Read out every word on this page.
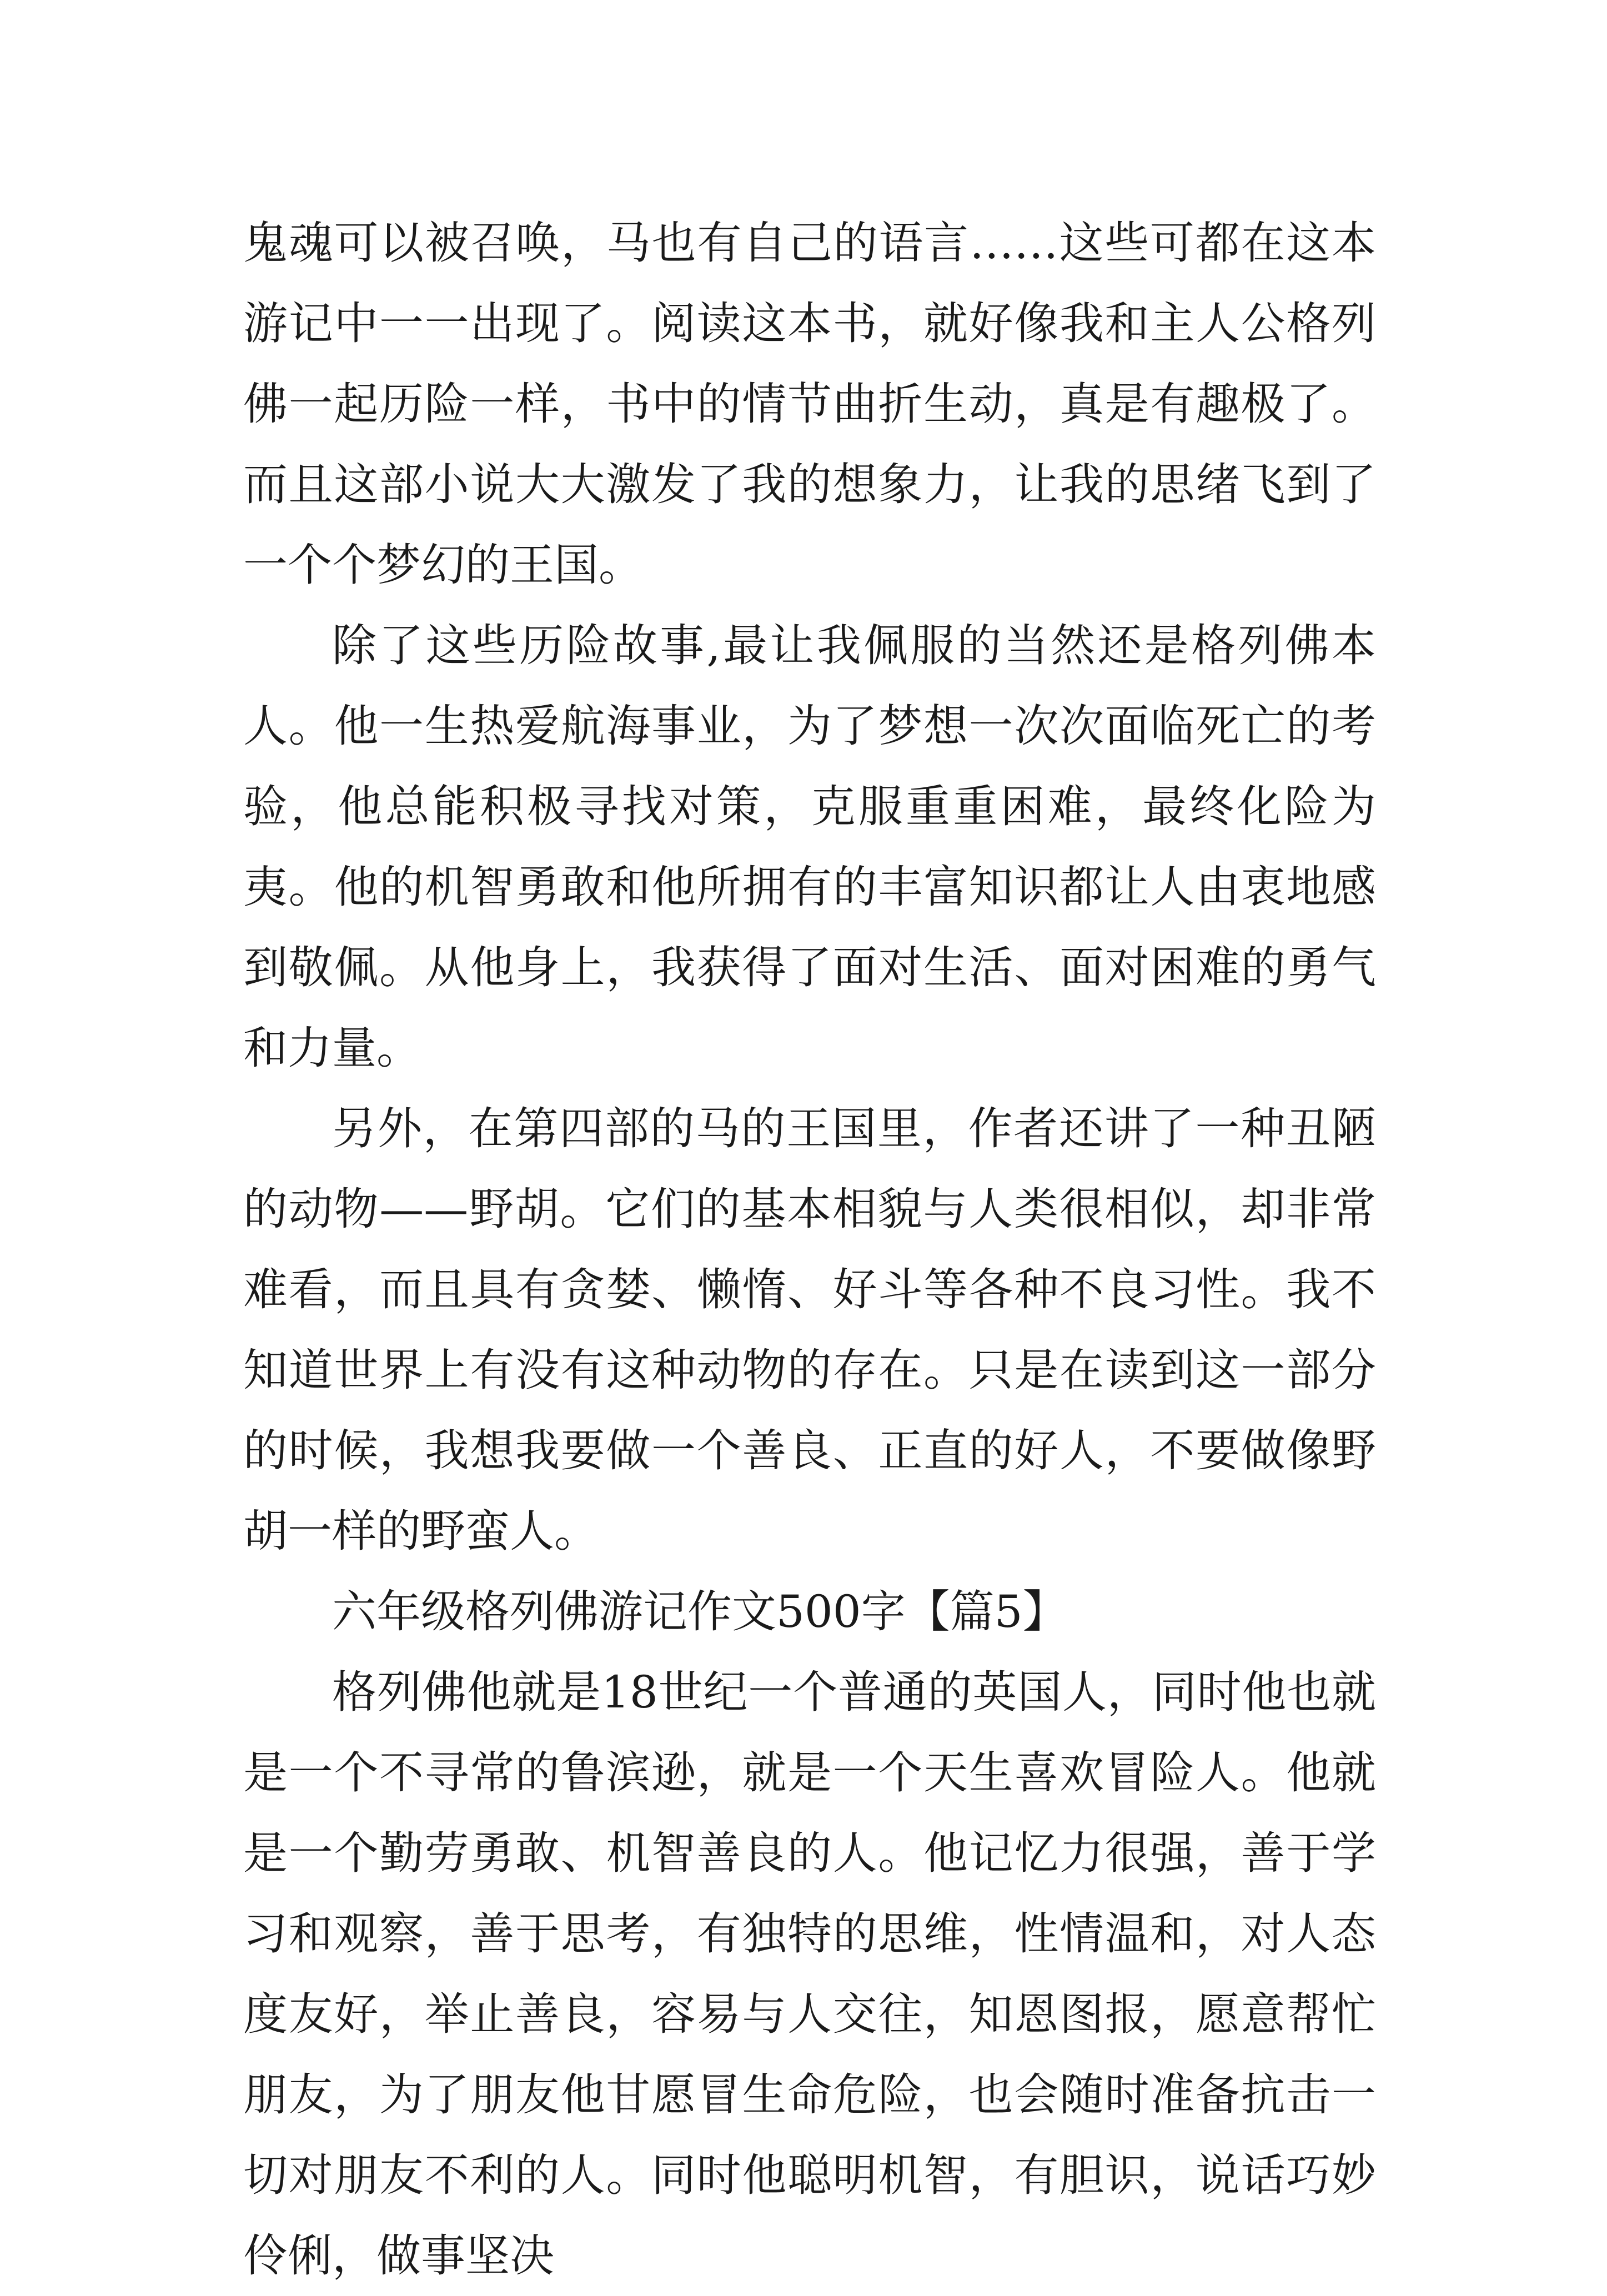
鬼魂可以被召唤，马也有自己的语言……这些可都在这本游记中一一出现了。阅读这本书，就好像我和主人公格列佛一起历险一样，书中的情节曲折生动，真是有趣极了。而且这部小说大大激发了我的想象力，让我的思绪飞到了一个个梦幻的王国。

除了这些历险故事,最让我佩服的当然还是格列佛本人。他一生热爱航海事业，为了梦想一次次面临死亡的考验，他总能积极寻找对策，克服重重困难，最终化险为夷。他的机智勇敢和他所拥有的丰富知识都让人由衷地感到敬佩。从他身上，我获得了面对生活、面对困难的勇气和力量。

另外，在第四部的马的王国里，作者还讲了一种丑陋的动物——野胡。它们的基本相貌与人类很相似，却非常难看，而且具有贪婪、懒惰、好斗等各种不良习性。我不知道世界上有没有这种动物的存在。只是在读到这一部分的时候，我想我要做一个善良、正直的好人，不要做像野胡一样的野蛮人。

六年级格列佛游记作文500字【篇5】

格列佛他就是18世纪一个普通的英国人，同时他也就是一个不寻常的鲁滨逊，就是一个天生喜欢冒险人。他就是一个勤劳勇敢、机智善良的人。他记忆力很强，善于学习和观察，善于思考，有独特的思维，性情温和，对人态度友好，举止善良，容易与人交往，知恩图报，愿意帮忙朋友，为了朋友他甘愿冒生命危险，也会随时准备抗击一切对朋友不利的人。同时他聪明机智，有胆识，说话巧妙伶俐，做事坚决
